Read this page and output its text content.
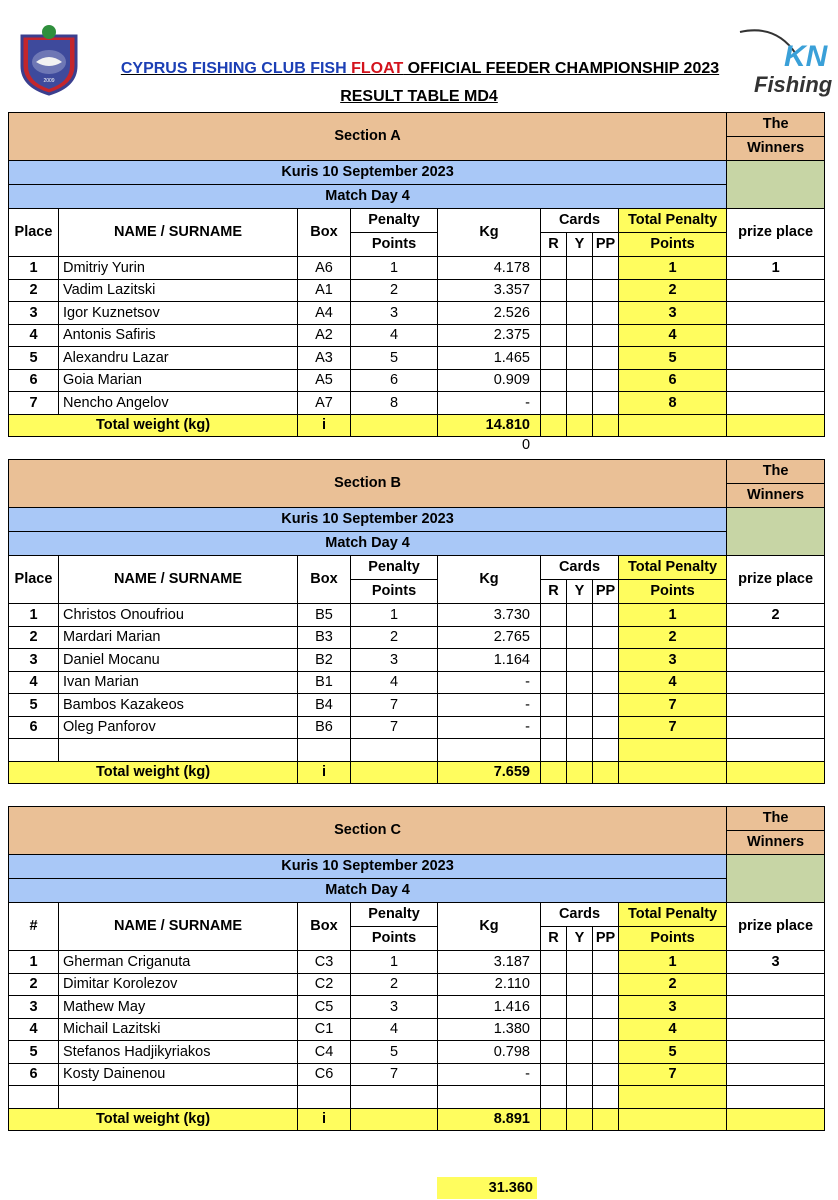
2009
KN
Fishing
CYPRUS FISHING CLUB FISH FLOAT OFFICIAL FEEDER CHAMPIONSHIP 2023
RESULT TABLE MD4
Section A									The
									Winners
Kuris 10 September 2023									
Match Day 4									
Place	NAME / SURNAME	Box	Penalty	Kg	Cards			Total Penalty	prize place
			Points		R	Y	PP	Points	
1	Dmitriy Yurin	A6	1	4.178				1	1
2	Vadim Lazitski	A1	2	3.357				2	
3	Igor Kuznetsov	A4	3	2.526				3	
4	Antonis Safiris	A2	4	2.375				4	
5	Alexandru Lazar	A3	5	1.465				5	
6	Goia Marian	A5	6	0.909				6	
7	Nencho Angelov	A7	8	-				8	
Total weight (kg)		i		14.810					
Section B									The
									Winners
Kuris 10 September 2023									
Match Day 4									
Place	NAME / SURNAME	Box	Penalty	Kg	Cards			Total Penalty	prize place
			Points		R	Y	PP	Points	
1	Christos Onoufriou	B5	1	3.730				1	2
2	Mardari Marian	B3	2	2.765				2	
3	Daniel Mocanu	B2	3	1.164				3	
4	Ivan Marian	B1	4	-				4	
5	Bambos Kazakeos	B4	7	-				7	
6	Oleg Panforov	B6	7	-				7	

Total weight (kg)		i		7.659					
Section C									The
									Winners
Kuris 10 September 2023									
Match Day 4									
#	NAME / SURNAME	Box	Penalty	Kg	Cards			Total Penalty	prize place
			Points		R	Y	PP	Points	
1	Gherman Criganuta	C3	1	3.187				1	3
2	Dimitar Korolezov	C2	2	2.110				2	
3	Mathew May	C5	3	1.416				3	
4	Michail Lazitski	C1	4	1.380				4	
5	Stefanos Hadjikyriakos	C4	5	0.798				5	
6	Kosty Dainenou	C6	7	-				7	

Total weight (kg)		i		8.891					
0
31.360
